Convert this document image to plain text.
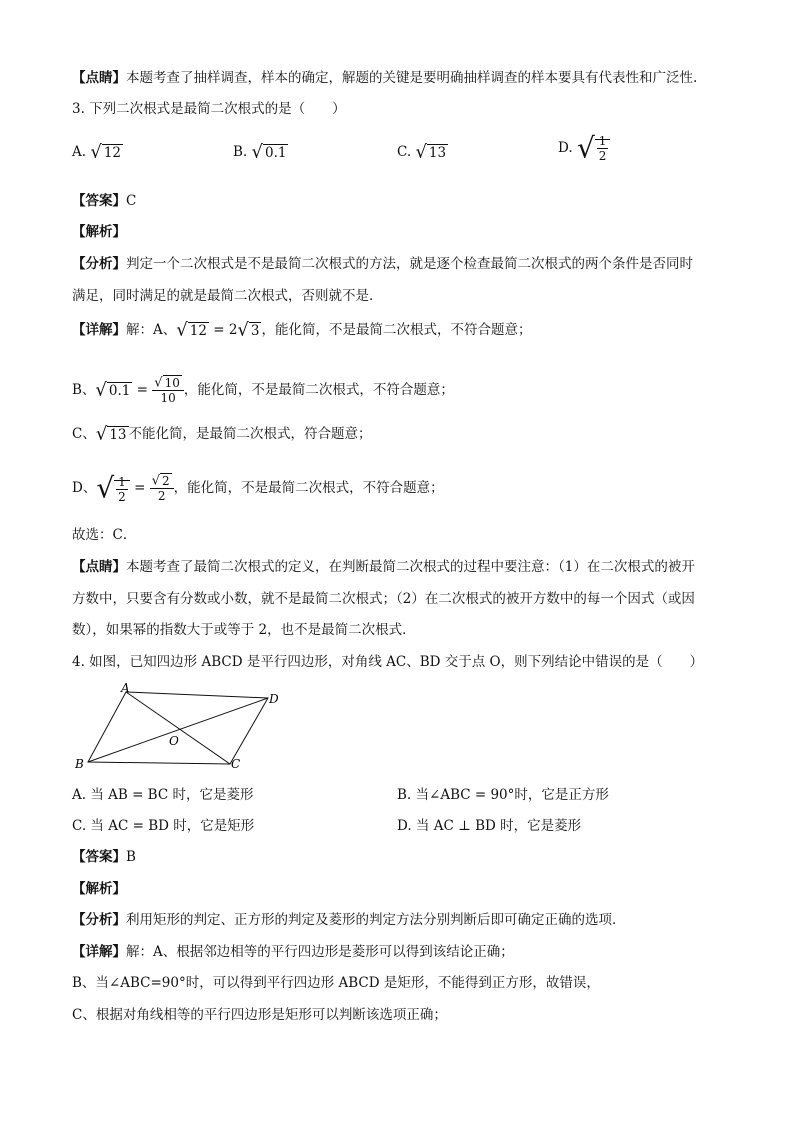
【点睛】本题考查了抽样调查，样本的确定，解题的关键是要明确抽样调查的样本要具有代表性和广泛性.
3. 下列二次根式是最简二次根式的是（　　）
A. √ 12	B. √ 0.1	C. √ 13	D. √ $\frac{1}{2}$
【答案】C
【解析】
【分析】判定一个二次根式是不是最简二次根式的方法，就是逐个检查最简二次根式的两个条件是否同时
满足，同时满足的就是最简二次根式，否则就不是．
【详解】解：A、√ 12 = 2√ 3 ，能化简，不是最简二次根式，不符合题意；
B、√ $0.1 = \frac{√ 10}{10}$ ，能化简，不是最简二次根式，不符合题意；
C、√ 13 不能化简，是最简二次根式，符合题意；
D、√ $\frac{1}{2} = \frac{√ 2}{2}$ ，能化简，不是最简二次根式，不符合题意；
故选：C．
【点睛】本题考查了最简二次根式的定义，在判断最简二次根式的过程中要注意：（1）在二次根式的被开
方数中，只要含有分数或小数，就不是最简二次根式；（2）在二次根式的被开方数中的每一个因式（或因
数），如果幂的指数大于或等于 2，也不是最简二次根式．
4. 如图，已知四边形 ABCD 是平行四边形，对角线 AC、BD 交于点 O，则下列结论中错误的是（　　）
A
D
B	C
O
A. 当 AB = BC 时，它是菱形	B. 当∠ABC = 90°时，它是正方形
C. 当 AC = BD 时，它是矩形	D. 当 AC ⊥ BD 时，它是菱形
【答案】B
【解析】
【分析】利用矩形的判定、正方形的判定及菱形的判定方法分别判断后即可确定正确的选项．
【详解】解：A、根据邻边相等的平行四边形是菱形可以得到该结论正确；
B、当∠ABC=90°时，可以得到平行四边形 ABCD 是矩形，不能得到正方形，故错误，
C、根据对角线相等的平行四边形是矩形可以判断该选项正确；
